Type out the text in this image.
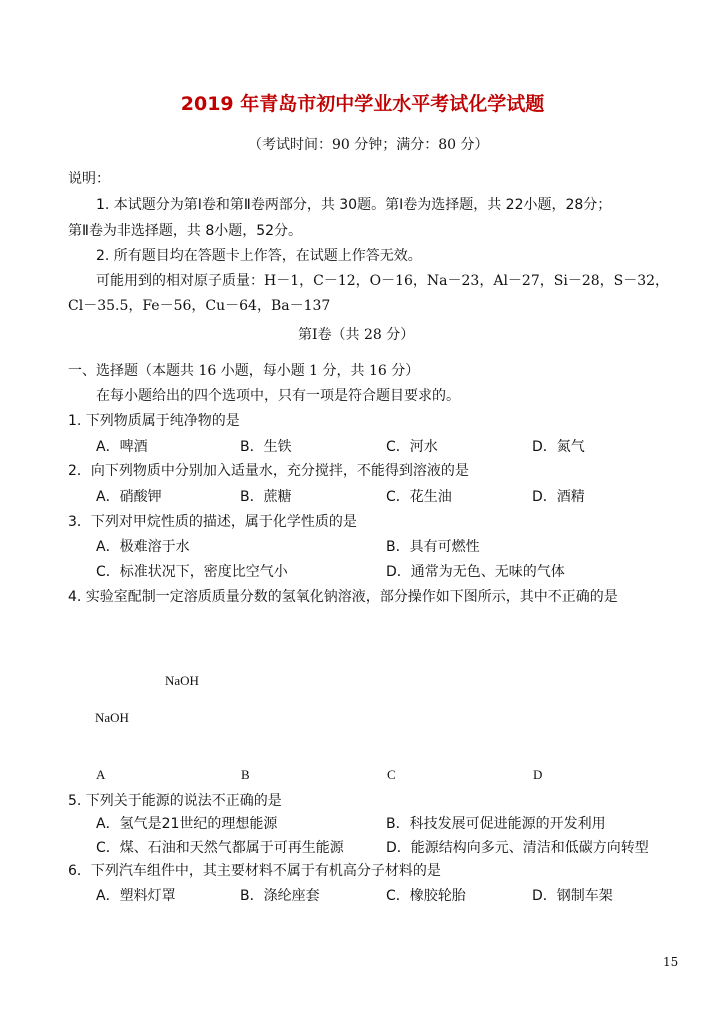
2019 年青岛市初中学业水平考试化学试题
（考试时间：90 分钟；满分：80 分）
说明：
1. 本试题分为第Ⅰ卷和第Ⅱ卷两部分，共 30题。第Ⅰ卷为选择题，共 22小题，28分；
第Ⅱ卷为非选择题，共 8小题，52分。
2. 所有题目均在答题卡上作答，在试题上作答无效。
可能用到的相对原子质量：H－1，C－12，O－16，Na－23，Al－27，Si－28，S－32，
Cl－35.5，Fe－56，Cu－64，Ba－137
第Ⅰ卷（共 28 分）
一、选择题（本题共 16 小题，每小题 1 分，共 16 分）
在每小题给出的四个选项中，只有一项是符合题目要求的。
1. 下列物质属于纯净物的是
A．啤酒	B．生铁	C．河水	D．氮气
2．向下列物质中分别加入适量水，充分搅拌，不能得到溶液的是
A．硝酸钾	B．蔗糖	C．花生油	D．酒精
3．下列对甲烷性质的描述，属于化学性质的是
A．极难溶于水	B．具有可燃性
C．标准状况下，密度比空气小	D．通常为无色、无味的气体
4. 实验室配制一定溶质质量分数的氢氧化钠溶液，部分操作如下图所示，其中不正确的是
NaOH
NaOH
A	B	C	D
5. 下列关于能源的说法不正确的是
A．氢气是21世纪的理想能源	B．科技发展可促进能源的开发利用
C．煤、石油和天然气都属于可再生能源	D．能源结构向多元、清洁和低碳方向转型
6．下列汽车组件中，其主要材料不属于有机高分子材料的是
A．塑料灯罩	B．涤纶座套	C．橡胶轮胎	D．钢制车架
15
